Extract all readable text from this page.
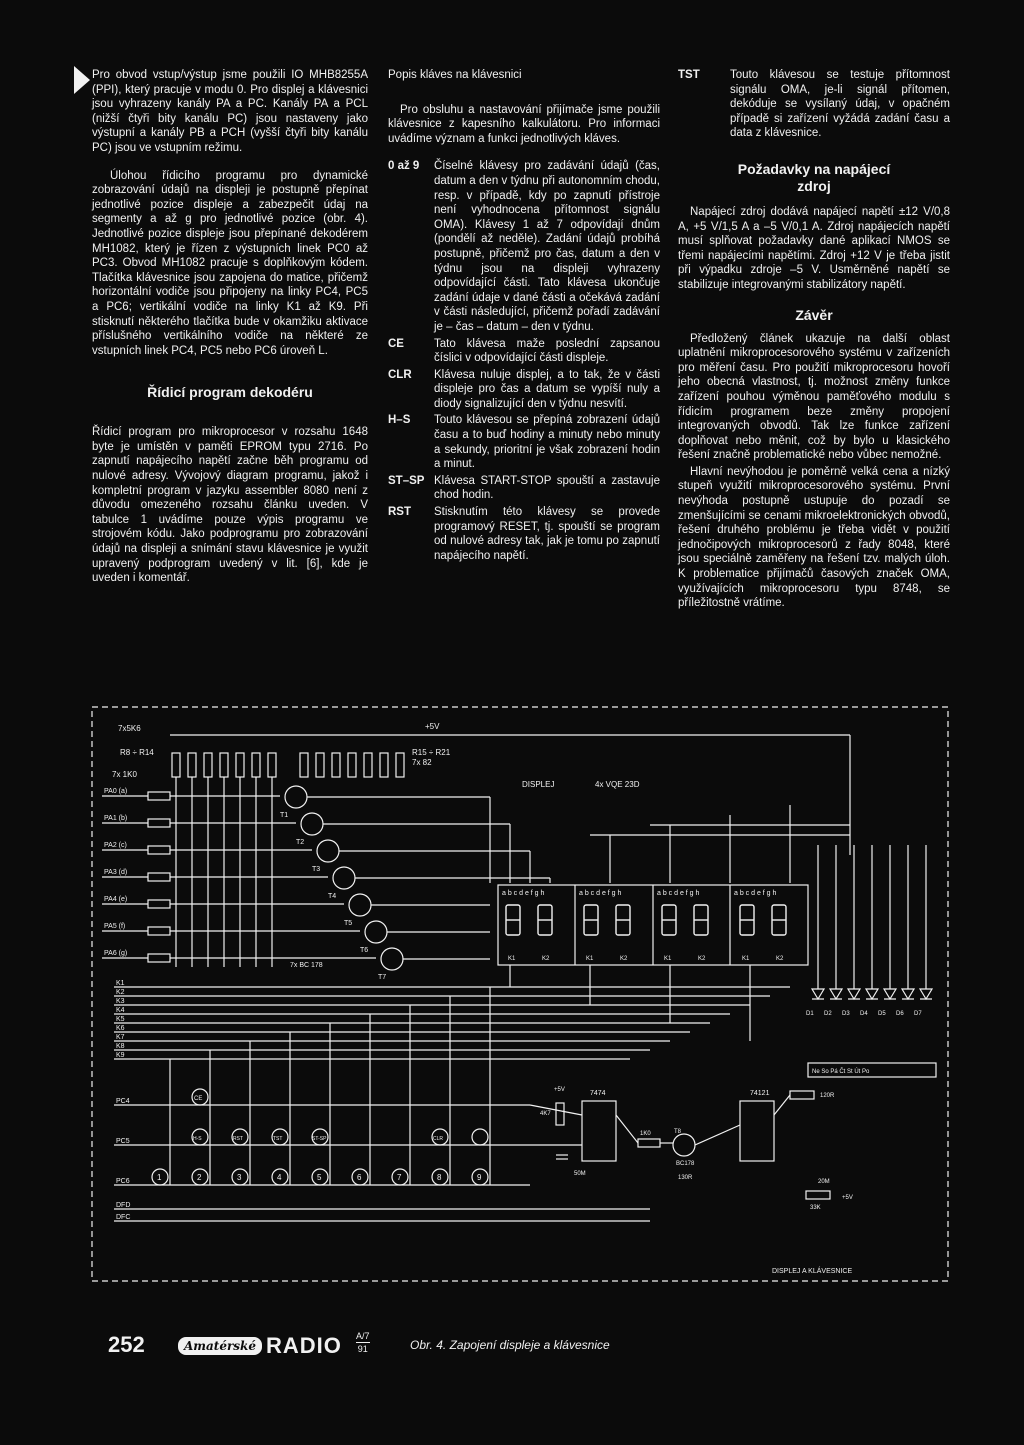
Pro obvod vstup/výstup jsme použili IO MHB8255A (PPI), který pracuje v modu 0. Pro displej a klávesnici jsou vyhrazeny kanály PA a PC. Kanály PA a PCL (nižší čtyři bity kanálu PC) jsou nastaveny jako výstupní a kanály PB a PCH (vyšší čtyři bity kanálu PC) jsou ve vstupním režimu.

Úlohou řídicího programu pro dynamické zobrazování údajů na displeji je postupně přepínat jednotlivé pozice displeje a zabezpečit údaj na segmenty a až g pro jednotlivé pozice (obr. 4). Jednotlivé pozice displeje jsou přepínané dekodérem MH1082, který je řízen z výstupních linek PC0 až PC3. Obvod MH1082 pracuje s doplňkovým kódem. Tlačítka klávesnice jsou zapojena do matice, přičemž horizontální vodiče jsou připojeny na linky PC4, PC5 a PC6; vertikální vodiče na linky K1 až K9. Při stisknutí některého tlačítka bude v okamžiku aktivace příslušného vertikálního vodiče na některé ze vstupních linek PC4, PC5 nebo PC6 úroveň L.

Řídicí program dekodéru

Řídicí program pro mikroprocesor v rozsahu 1648 byte je umístěn v paměti EPROM typu 2716. Po zapnutí napájecího napětí začne běh programu od nulové adresy. Vývojový diagram programu, jakož i kompletní program v jazyku assembler 8080 není z důvodu omezeného rozsahu článku uveden. V tabulce 1 uvádíme pouze výpis programu ve strojovém kódu. Jako podprogramu pro zobrazování údajů na displeji a snímání stavu klávesnice je využit upravený podprogram uvedený v lit. [6], kde je uveden i komentář.

Popis kláves na klávesnici

Pro obsluhu a nastavování přijímače jsme použili klávesnice z kapesního kalkulátoru. Pro informaci uvádíme význam a funkci jednotlivých kláves.

0 až 9	Číselné klávesy pro zadávání údajů (čas, datum a den v týdnu při autonomním chodu, resp. v případě, kdy po zapnutí přístroje není vyhodnocena přítomnost signálu OMA). Klávesy 1 až 7 odpovídají dnům (pondělí až neděle). Zadání údajů probíhá postupně, přičemž pro čas, datum a den v týdnu jsou na displeji vyhrazeny odpovídající části. Tato klávesa ukončuje zadání údaje v dané části a očekává zadání v části následující, přičemž pořadí zadávání je – čas – datum – den v týdnu.
CE	Tato klávesa maže poslední zapsanou číslici v odpovídající části displeje.
CLR	Klávesa nuluje displej, a to tak, že v části displeje pro čas a datum se vypíší nuly a diody signalizující den v týdnu nesvítí.
H–S	Touto klávesou se přepíná zobrazení údajů času a to buď hodiny a minuty nebo minuty a sekundy, prioritní je však zobrazení hodin a minut.
ST–SP Klávesa START-STOP spouští a zastavuje chod hodin.
RST	Stisknutím této klávesy se provede programový RESET, tj. spouští se program od nulové adresy tak, jak je tomu po zapnutí napájecího napětí.
TST	Touto klávesou se testuje přítomnost signálu OMA, je-li signál přítomen, dekóduje se vysílaný údaj, v opačném případě si zařízení vyžádá zadání času a data z klávesnice.
Požadavky na napájecí zdroj

Napájecí zdroj dodává napájecí napětí ±12 V/0,8 A, +5 V/1,5 A a –5 V/0,1 A. Zdroj napájecích napětí musí splňovat požadavky dané aplikací NMOS se třemi napájecími napětími. Zdroj +12 V je třeba jistit při výpadku zdroje –5 V. Usměrněné napětí se stabilizuje integrovanými stabilizátory napětí.

Závěr

Předložený článek ukazuje na další oblast uplatnění mikroprocesorového systému v zařízeních pro měření času. Pro použití mikroprocesoru hovoří jeho obecná vlastnost, tj. možnost změny funkce zařízení pouhou výměnou paměťového modulu s řídicím programem beze změny propojení integrovaných obvodů. Tak lze funkce zařízení doplňovat nebo měnit, což by bylo u klasického řešení značně problematické nebo vůbec nemožné.

Hlavní nevýhodou je poměrně velká cena a nízký stupeň využití mikroprocesorového systému. První nevýhoda postupně ustupuje do pozadí se zmenšujícími se cenami mikroelektronických obvodů, řešení druhého problému je třeba vidět v použití jednočipových mikroprocesorů z řady 8048, které jsou speciálně zaměřeny na řešení tzv. malých úloh. K problematice přijímačů časových značek OMA, využívajících mikroprocesoru typu 8748, se příležitostně vrátíme.

7x5K6
R8 ÷ R14
7x 1K0
+5V
R15 ÷ R21
7x 82
DISPLEJ	4x VQE 23D
PA0 (a)
PA1 (b)
PA2 (c)
PA3 (d)
PA4 (e)
PA5 (f)
PA6 (g)
T1
T2
T3
T4
T5
T6
T7
7x BC 178
a b c d e f g h	a b c d e f g h	a b c d e f g h	a b c d e f g h
K1	K2	K1	K2	K1	K2	K1	K2
K1
K2
K3
K4
K5
K6
K7
K8
K9
D1 D2 D3 D4 D5 D6 D7
Ne So Pá Čt St Út Po
PC4
PC5
PC6
DFD
DFC
CE
H-S	RST	TST	ST-SP	CLR
1	2	3	4	5	6	7	8	9
7474	74121
+5V
4K7
50M
1K0	T8
BC178
130R
120R
20M
33K
+5V
DISPLEJ A KLÁVESNICE
252	Amatérské RADIO A/7
91	Obr. 4. Zapojení displeje a klávesnice
